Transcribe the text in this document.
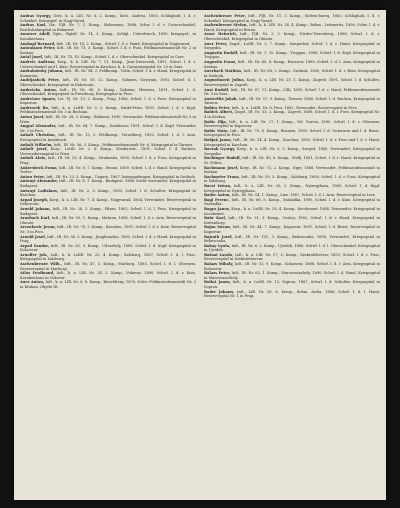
Andras Gyorgy, Gefr., k. u. LIII. Nr. 6, 2. Komp., Sieb., Andrea, 1893, Schlaghalt, l. d. r. Schenkel, Kriegsgef. in Nagy-Varad.

Andras Karl, Ihr., FJB. Nr. 7, 1. Komp., Hohenems, 1886, Schw. l. d. r. Unterschenkel, Reichsbahnspital in Bukarest.

Anneser Adolf, Rgts., Rgtsfl. Nr. 14, 3. Komp., Schlgl., Ueberbruch, 1890, kriegsgef., in Krankenhaus.

Ansbagl Bernard, Inft., IR. Nr. 18, 2. Komp., Schwl. l. d. r. Hand, Kriegsspital in Nagyvarad.

Antoniazzo Peter, Inft., IR. Nr. 73, 3. Komp., Schwl. l. d. r. Fuss, Feldmarodenanstalt Nr. 2 in Krakau.

Antal Josef, Inft., IR. Nr. 74, 10. Komp., Schwl. l. d. r. Oberschenkel, Kriegsspital in Gorz.

Andreic Andreas, Korp., k. k. LIR. Nr. 7, 11. Komp., Jicin-Drosovnik, 1891, Schwl. l. d. r. Unterschenkel und l. Knie, Reservespital in Kaschau, k. k. Garnisonsspital Nr. 23 in Graz.

Andrakowsky Johann, Inft., IR. Nr. 94, 2. Feldkomp., Tulin, Schwl. l. d. r. Hand, Kriegsspital in Komarom.

Andrijashcik Peter, Inft., IR. Nr. 19, 12. Komp., Galizien, Gostynin, 1892, Schwl. d. l. Oberschenkel, Kriegsspital in Debreczin.

Andreicka Anton, Inft., IR. Nr. 98, 6. Komp., Galizien, Mierzwa, 1891, Schwl. l. d. Oberschenkel, Kriegsspital in Pressburg, Kriegsspital in Pecs.

Andretaer Ignatz, Lst. FJ. Nr. 13, 2. Komp., Prag, 1886, Schwl. l. d. r. Fuss, Kriegsspital in Kaposvar.

Andrescik Bo, Inft., k. u. LstIR. Nr. 3, 3. Komp., Sankt-Peter, 1891, Schwl. l. d. r. Kopf, Feldmarodenanstalt Nr. 3 in Bochnia.

Anton Josef, Inft., IR. Nr. 28, 3. Komp., Bohmen, 1890, Verwundet, Feldmarodenanstalt Nr. 5 in Wien.

Angyal Alexander, Inft., IR. Nr. 64, 7. Komp., Dombovar, 1891, Schwl. l. d. Kopf, Verwundet Nr. 2 in Pecs.

Anhalt Christian, Inft., IR. Nr. 13, 2. Feldkomp., Vorarlberg, 1892, Schwl. l. d. l. Arm, Kriegsspital in Innsbruck.

Anhalt Wilhelm, Inft., IR. Nr. 56, 2. Komp., Feldmarodenanstalt Nr. 6, Kriegsspital in Tarnow.

Anholt Josef, Korp., LstIR. Nr. 2, 6. Komp., Niederostr., 1891, Schwl. l. d. Rucken, Verwundetenspital in Wien.

Anholt Alois, Inft., IR. Nr. 18, 4. Komp., Strakonitz, 1890, Schwl. l. d. r. Fuss, Kriegsspital in Prag.

Ankersbeck Franz, Inft., IR. Nr. 8, 7. Komp., Brunn, 1889, Schwl. l. d. r. Hand, Kriegsspital in Trebic.

Anton Peter, Inft., IR. Nr. 23, 3. Komp., Ungarn, 1887, kriegsgefangen, Kriegsspital in Szolnok.

Antonyi Alexander, Inft., IR. Nr. 8, 1. Komp., Budapest, 1886, leicht verwundet, Kriegsspital in Budapest.

Antonyi Ladislaus, Inft., IR. Nr. 2, 3. Komp., 1893, Schwl. l. d. Schulter, Kriegsspital in Kaschau.

Arpad Joseph, Korp., k. u. LIR. Nr. 7, 4. Komp., Nagyvarad, 1884, Verwundet, Reservespital in Debreczin.

Arnold Johann, Inft., IR. Nr. 28, 3. Komp., Pilsen, 1892, Schwl. l. d. l. Fuss, Kriegsspital in Budapest.

Arnsbach Karl, Inft., IR. Nr. 93, 1. Komp., Mahren, 1888, Schwl. l. d. r. Arm, Reservespital in Olmutz.

Arsenkovic Jovan, Inft., IR. Nr. 78, 3. Komp., Kroatien, 1891, Schwl. l. d. r. Knie, Reservespital Nr. 5 in Pecs.

Arnold Josef, Inft., IR. Nr. 36, 2. Komp., Jungbunzlau, 1890, Schwl. l. d. r. Hand, Kriegsspital in Prag.

Arpad Sandor, Inft., IR. Nr. 82, 9. Komp., Udvarhely, 1889, Schwl. l. d. Kopf, Kriegsspital in Kolozsvar.

Arnolfer Joh., Inft., k. k. LstIR. Nr. 25, 4. Komp., Salzburg, 1887, Schwl. l. d. l. Fuss, Kriegsspital in Salzburg.

Aschenbrener Wilh., Inft., IR. Nr. 47, 5. Komp., Marburg, 1885, Schwl. l. d. l. Oberarm, Reservespital in Marburg.

Atlas Ferdinand, Inft., k. u. LIR. Nr. 24, 2. Komp., Vukovar, 1890, Schwl. l. d. r. Knie, Krankenhaus in Vukovar.

Auer Anton, Inft., k. u. LIR. Nr. 6, 8. Komp., Kirschberg, 1876, Schw. Feldmarodenanstalt Nr. 2 in Krakau, Objekt III.

Aschenbrener Peter, Inft., FJB. Nr. 11, 3. Komp., Sieben-buerg, 1883, Schlaghalt, l. d. r. Schenkel, Kriegsspital in Nagy-Varad.

Aschenbrener Stefan, Inft., k. k. LIR. Nr. 24, 4. Komp., Bohm., Leitmeritz, 1890, Schw. l. d. r. Hand, Kriegsspital in Brunn.

Asser Heinrich, Inft., FJB. Nr. 2, 3. Komp., Nieder-Tierenberg, 1888, Schwl. l. d. r. Oberschenkel, Kriegsspital in Olmutz.

Auer Peter, Zugsf., LstIR. Nr. 2, 7. Komp., Sangerhof, Schwl. l. d. r. Hand, Kriegsspital in Szegedin.

Augustin Rudolf, Inft., IR. Nr. 1, 10. Komp., Troppau, 1888, Schwl. l. d. Kopf, Kriegsspital in Troppau.

Augustin Franz, Inft., IR. Nr. 40, 4. Komp., Rzeszow, 1889, Schwl. l. d. l. Arm, Kriegsspital in Krakau.

Auerbach Mathias, Inft., IR. Nr. 68, 2. Komp., Szolnok, 1890, Schwl. l. d. r. Bein, Kriegsspital in Szolnok.

Augustinovic Julius, Korp., k. u. LIR. Nr. 25, 1. Komp., Zagreb, 1891, Schwl. l. d. Schulter, Reservespital in Zagreb.

Aust Rudolf, Inft., IR. Nr. 87, 11. Komp., Cilli, 1893, Schwl. l. d. r. Hand, Feldmarodenanstalt Nr. 5 in Graz.

Austerlitz Jakob, Inft., IR. Nr. 57, 9. Komp., Tarnow, 1886, Schwl. l. d. Rucken, Kriegsspital in Tarnow.

Babics Peter, Inft., k. u. LstIR. Nr. 8, Pecs, 1882, Verwundet, Reservespital in Pecs.

Babich Albert, Zugsf., IR. Nr. 53, 2. Komp., Zagreb, 1888, Schwl. l. d. l. Fuss, Kriegsspital Nr. 4 in Krakau.

Babic Ilija, Inft., k. u. LIR. Nr. 27, 1. Komp., Vel. Gorica, 1890, Schwl. l. d. r. Oberarm, Reservespital in Kaposvar.

Babic Mato, Inft., IR. Nr. 79, 8. Komp., Bosnien, 1893, Schwl. l. d. Unterarm und l. d. Brust, Kriegsspital in Pecs.

Babjak Janos, Inft., IR. Nr. 34, 4. Komp., Kaschau, 1892, Schwl. l. d. r. Fuss und l. d. r. Hand, Kriegsspital in Kaschau.

Bacsak Gyorgy, Korp., k. u. LIR. Nr. 5, 3. Komp., Szeged, 1885, Verwundet, Kriegsspital in Szegedin.

Bachinger Rudolf, Inft., IR. Nr. 49, 6. Komp., Melk, 1891, Schwl. l. d. r. Hand, Kriegsspital in St. Polten.

Bachmann Josef, Korp., IR. Nr. 73, 2. Komp., Eger, 1888, Verwundet, Feldmarodenanstalt in Krakau.

Bachmeier Franz, Inft., IR. Nr. 59, 3. Komp., Salzburg, 1890, Schwl. l. d. r. Fuss, Kriegsspital in Salzburg.

Bacsi Istvan, Inft., k. u. LIR. Nr. 20, 2. Komp., Nyiregyhaza, 1889, Schwl. l. d. Kopf, Kriegsspital in Nyiregyhaza.

Bader Anton, Inft., IR. Nr. 14, 1. Komp., Linz, 1887, Schwl. l. d. l. Arm, Reservespital in Linz.

Bagi Ferenc, Inft., IR. Nr. 86, 5. Komp., Szabadka, 1890, Schwl. l. d. r. Knie, Kriegsspital in Szabadka.

Bagyo Janos, Korp., k. u. LstIR. Nr. 29, 4. Komp., Kecskemet, 1884, Verwundet, Kriegsspital in Kecskemet.

Bahr Karl, Inft., IR. Nr. 21, 3. Komp., Caslau, 1892, Schwl. l. d. r. Hand, Kriegsspital in Kuttenberg.

Bajan Istvan, Inft., IR. Nr. 44, 7. Komp., Kaposvar, 1891, Schwl. l. d. Brust, Reservespital in Kaposvar.

Bajzath Josef, Inft., IR. Nr. 101, 3. Komp., Bekescsaba, 1890, Verwundet, Kriegsspital in Bekescsaba.

Bakay Gyula, Inft., IR. Nr. 6, 2. Komp., Ujvidek, 1888, Schwl. l. d. l. Oberschenkel, Kriegsspital in Ujvidek.

Baksai Laszlo, Inft., k. u. LIR. Nr. 17, 3. Komp., Szekesfehervar, 1893, Schwl. l. d. r. Fuss, Reservespital in Szekesfehervar.

Balazs Mihaly, Inft., IR. Nr. 51, 9. Komp., Kolozsvar, 1886, Schwl. l. d. r. Arm, Kriegsspital in Kolozsvar.

Balazs Peter, Inft., IR. Nr. 62, 1. Komp., Marosvasarhely, 1890, Schwl. l. d. Hand, Kriegsspital in Marosvasarhely.

Balint Janos, Inft., k. u. LstIR. Nr. 12, Sopron, 1887, Schwl. l. d. Schulter, Kriegsspital in Sopron.

Bader Johann, Inft., LIR. Nr. 38, 8. Komp., Bohm. Aicha, 1886, Schwl. l. d. l. Hand, Reservespital Nr. 1 in Prag.
